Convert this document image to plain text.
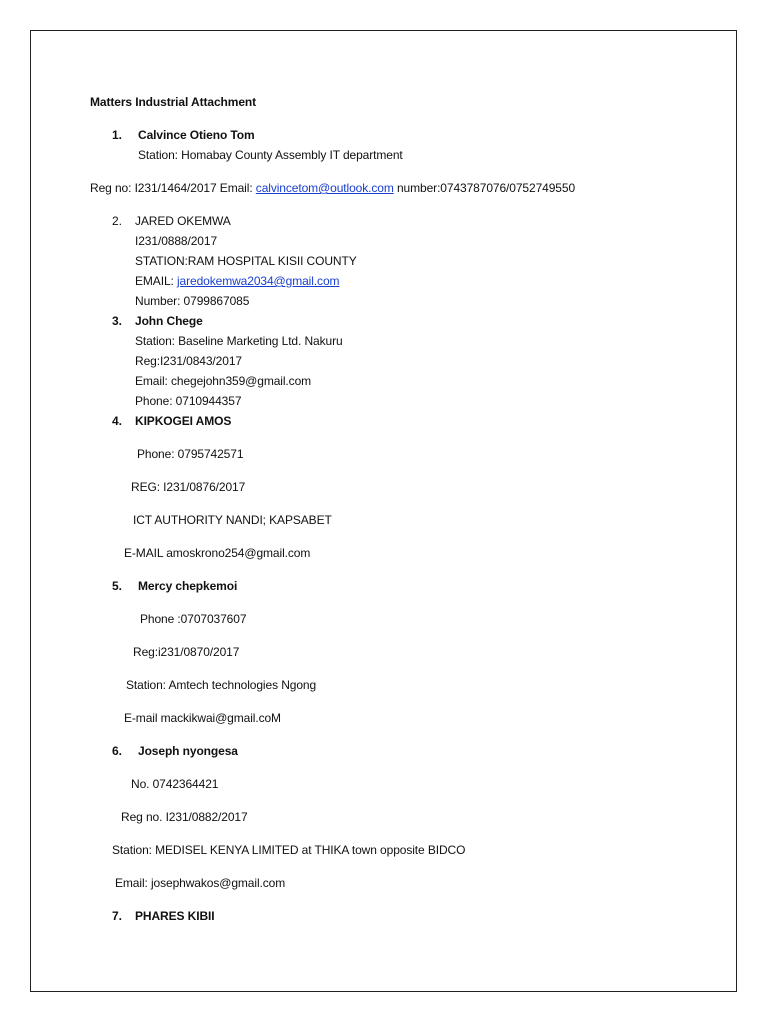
Matters Industrial Attachment
1. Calvince Otieno Tom
Station: Homabay County Assembly IT department
Reg no: I231/1464/2017 Email: calvincetom@outlook.com number:0743787076/0752749550
2. JARED OKEMWA
I231/0888/2017
STATION:RAM HOSPITAL KISII COUNTY
EMAIL: jaredokemwa2034@gmail.com
Number: 0799867085
3. John Chege
Station: Baseline Marketing Ltd. Nakuru
Reg:I231/0843/2017
Email: chegejohn359@gmail.com
Phone: 0710944357
4. KIPKOGEI AMOS
Phone: 0795742571
REG: I231/0876/2017
ICT AUTHORITY NANDI; KAPSABET
E-MAIL amoskrono254@gmail.com
5. Mercy chepkemoi
Phone :0707037607
Reg:i231/0870/2017
Station: Amtech technologies Ngong
E-mail mackikwai@gmail.coM
6. Joseph nyongesa
No. 0742364421
Reg no. I231/0882/2017
Station: MEDISEL KENYA LIMITED at THIKA town opposite BIDCO
Email: josephwakos@gmail.com
7. PHARES KIBII
